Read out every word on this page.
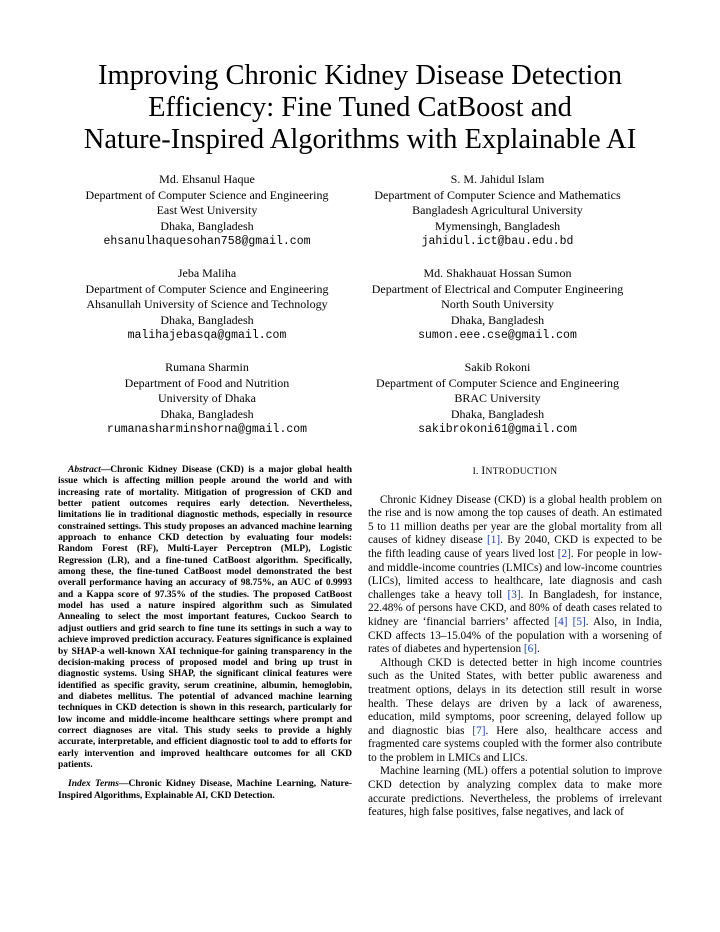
Improving Chronic Kidney Disease Detection
Efficiency: Fine Tuned CatBoost and
Nature-Inspired Algorithms with Explainable AI
Md. Ehsanul Haque
Department of Computer Science and Engineering
East West University
Dhaka, Bangladesh
ehsanulhaquesohan758@gmail.com
S. M. Jahidul Islam
Department of Computer Science and Mathematics
Bangladesh Agricultural University
Mymensingh, Bangladesh
jahidul.ict@bau.edu.bd
Jeba Maliha
Department of Computer Science and Engineering
Ahsanullah University of Science and Technology
Dhaka, Bangladesh
malihajebasqa@gmail.com
Md. Shakhauat Hossan Sumon
Department of Electrical and Computer Engineering
North South University
Dhaka, Bangladesh
sumon.eee.cse@gmail.com
Rumana Sharmin
Department of Food and Nutrition
University of Dhaka
Dhaka, Bangladesh
rumanasharminshorna@gmail.com
Sakib Rokoni
Department of Computer Science and Engineering
BRAC University
Dhaka, Bangladesh
sakibrokoni61@gmail.com

Abstract—Chronic Kidney Disease (CKD) is a major global health issue which is affecting million people around the world and with increasing rate of mortality. Mitigation of progression of CKD and better patient outcomes requires early detection. Nevertheless, limitations lie in traditional diagnostic methods, especially in resource constrained settings. This study proposes an advanced machine learning approach to enhance CKD detection by evaluating four models: Random Forest (RF), Multi-Layer Perceptron (MLP), Logistic Regression (LR), and a fine-tuned CatBoost algorithm. Specifically, among these, the fine-tuned CatBoost model demonstrated the best overall performance having an accuracy of 98.75%, an AUC of 0.9993 and a Kappa score of 97.35% of the studies. The proposed CatBoost model has used a nature inspired algorithm such as Simulated Annealing to select the most important features, Cuckoo Search to adjust outliers and grid search to fine tune its settings in such a way to achieve improved prediction accuracy. Features significance is explained by SHAP-a well-known XAI technique-for gaining transparency in the decision-making process of proposed model and bring up trust in diagnostic systems. Using SHAP, the significant clinical features were identified as specific gravity, serum creatinine, albumin, hemoglobin, and diabetes mellitus. The potential of advanced machine learning techniques in CKD detection is shown in this research, particularly for low income and middle-income healthcare settings where prompt and correct diagnoses are vital. This study seeks to provide a highly accurate, interpretable, and efficient diagnostic tool to add to efforts for early intervention and improved healthcare outcomes for all CKD patients.

Index Terms—Chronic Kidney Disease, Machine Learning, Nature-Inspired Algorithms, Explainable AI, CKD Detection.

I. INTRODUCTION

Chronic Kidney Disease (CKD) is a global health problem on the rise and is now among the top causes of death. An estimated 5 to 11 million deaths per year are the global mortality from all causes of kidney disease [1]. By 2040, CKD is expected to be the fifth leading cause of years lived lost [2]. For people in low- and middle-income countries (LMICs) and low-income countries (LICs), limited access to healthcare, late diagnosis and cash challenges take a heavy toll [3]. In Bangladesh, for instance, 22.48% of persons have CKD, and 80% of death cases related to kidney are ‘financial barriers’ affected [4] [5]. Also, in India, CKD affects 13–15.04% of the population with a worsening of rates of diabetes and hypertension [6].

Although CKD is detected better in high income countries such as the United States, with better public awareness and treatment options, delays in its detection still result in worse health. These delays are driven by a lack of awareness, education, mild symptoms, poor screening, delayed follow up and diagnostic bias [7]. Here also, healthcare access and fragmented care systems coupled with the former also contribute to the problem in LMICs and LICs.

Machine learning (ML) offers a potential solution to improve CKD detection by analyzing complex data to make more accurate predictions. Nevertheless, the problems of irrelevant features, high false positives, false negatives, and lack of
